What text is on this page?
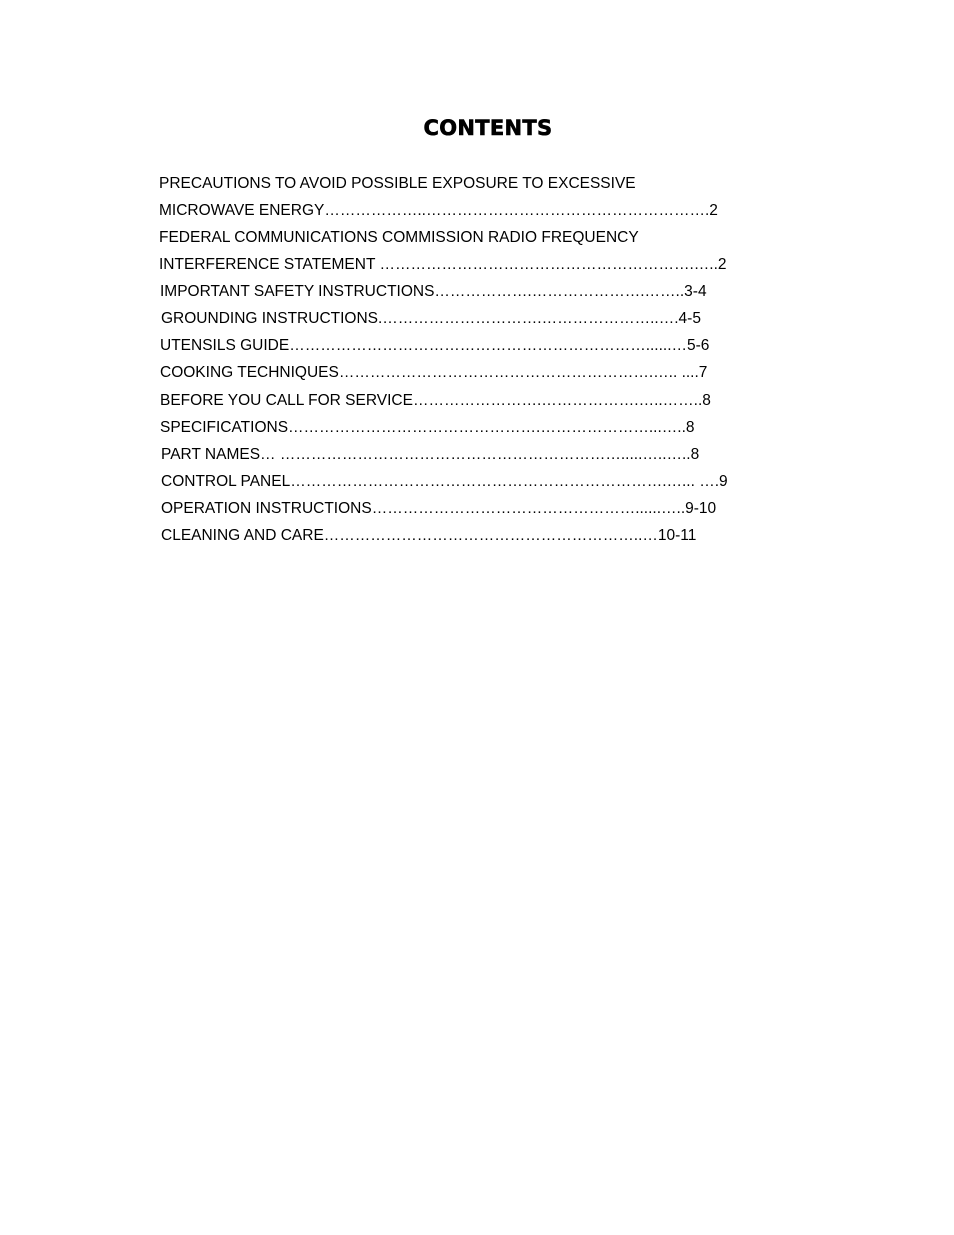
CONTENTS
PRECAUTIONS TO AVOID POSSIBLE EXPOSURE TO EXCESSIVE
MICROWAVE ENERGY………………..……………………………………………….2
FEDERAL COMMUNICATIONS COMMISSION RADIO FREQUENCY
INTERFERENCE STATEMENT …………………………………………………….…..2
IMPORTANT SAFETY INSTRUCTIONS……………….………………….……..3-4
GROUNDING INSTRUCTIONS.………………………….…………………..….4-5
UTENSILS GUIDE……………………………………………………………......…5-6
COOKING TECHNIQUES…………………………………………………….….. ....7
BEFORE YOU CALL FOR SERVICE…………………….……………….…..……..8
SPECIFICATIONS………………………………………….…………………...…..8
PART NAMES… ………………………………………………………….....…..…..8
CONTROL PANEL……………………………………………………………….…... ….9
OPERATION INSTRUCTIONS……………………………………………......…..9-10
CLEANING AND CARE……………………………………………………..…10-11
